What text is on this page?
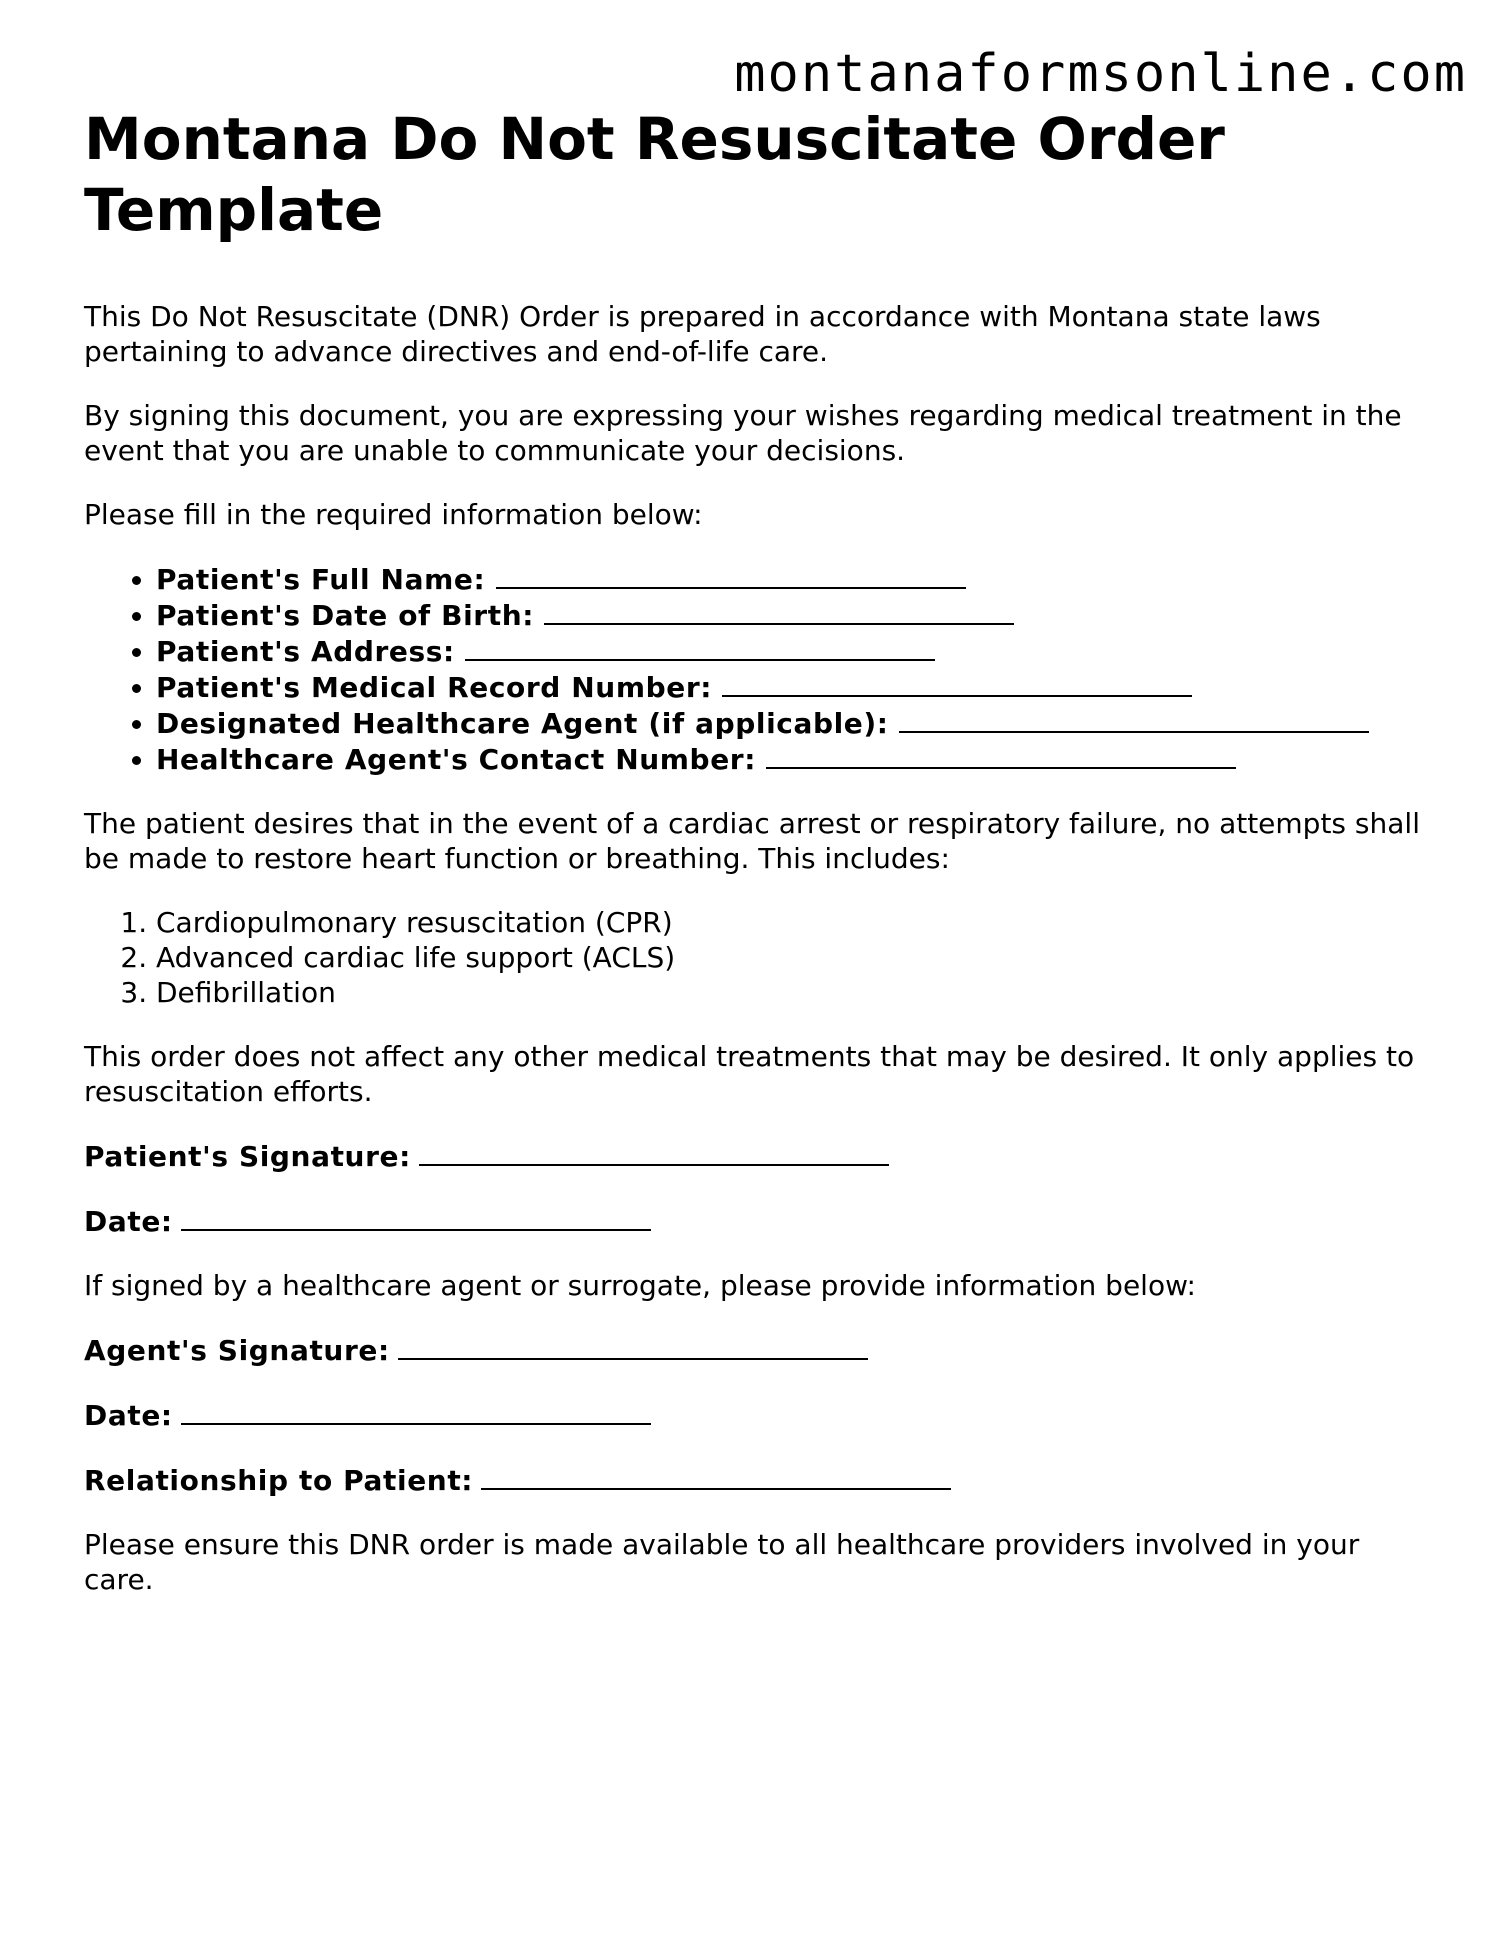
montanaformsonline.com
Montana Do Not Resuscitate Order Template

This Do Not Resuscitate (DNR) Order is prepared in accordance with Montana state laws pertaining to advance directives and end-of-life care.

By signing this document, you are expressing your wishes regarding medical treatment in the event that you are unable to communicate your decisions.

Please fill in the required information below:

• Patient's Full Name:
• Patient's Date of Birth:
• Patient's Address:
• Patient's Medical Record Number:
• Designated Healthcare Agent (if applicable):
• Healthcare Agent's Contact Number:

The patient desires that in the event of a cardiac arrest or respiratory failure, no attempts shall be made to restore heart function or breathing. This includes:

1. Cardiopulmonary resuscitation (CPR)
2. Advanced cardiac life support (ACLS)
3. Defibrillation

This order does not affect any other medical treatments that may be desired. It only applies to resuscitation efforts.

Patient's Signature:

Date:

If signed by a healthcare agent or surrogate, please provide information below:

Agent's Signature:

Date:

Relationship to Patient:

Please ensure this DNR order is made available to all healthcare providers involved in your care.
